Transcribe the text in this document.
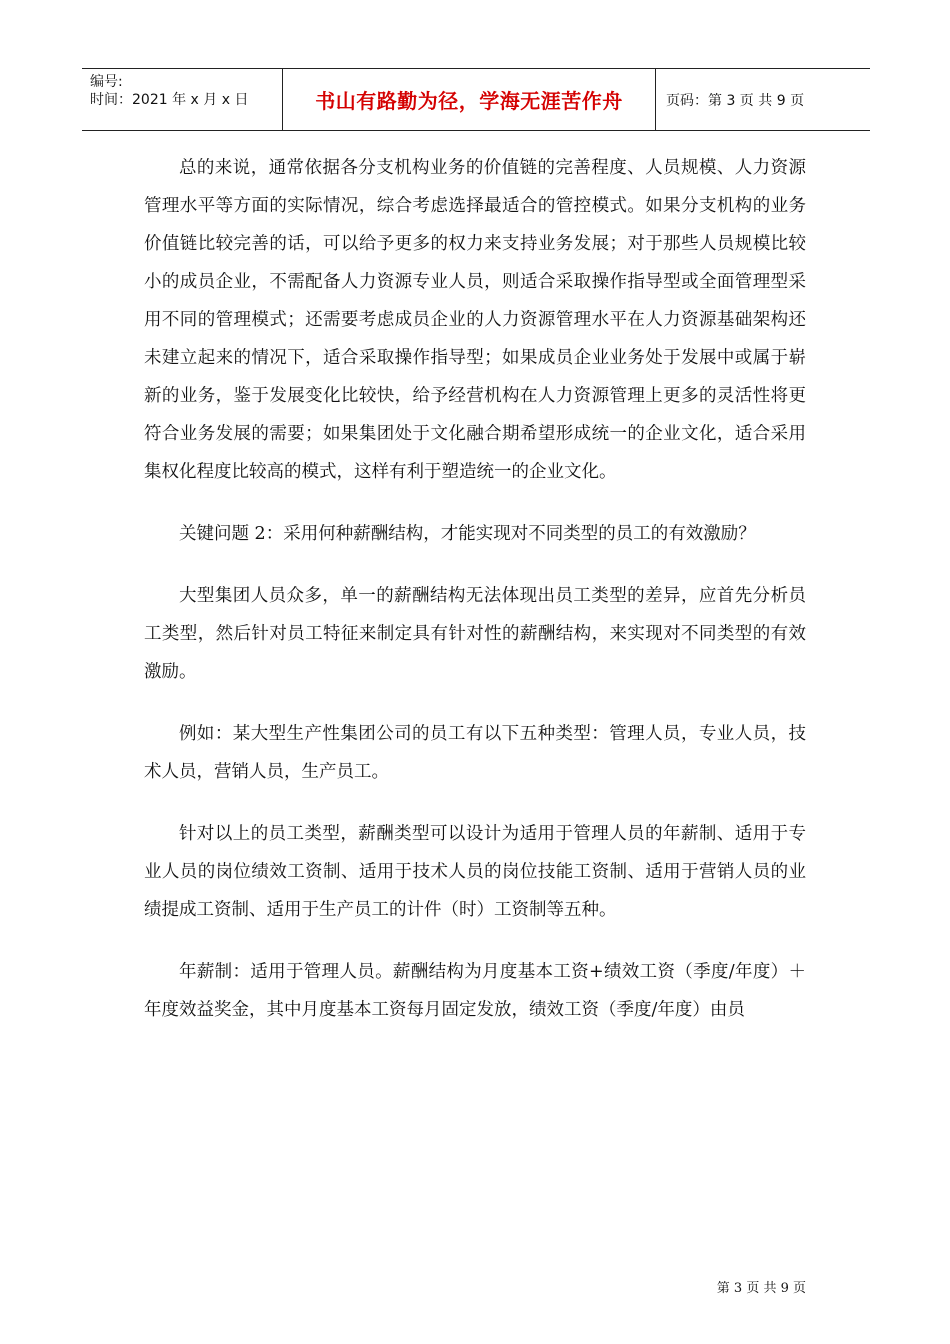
编号:
时间：2021 年 x 月 x 日	书山有路勤为径，学海无涯苦作舟	页码：第 3 页 共 9 页

总的来说，通常依据各分支机构业务的价值链的完善程度、人员规模、人力资源管理水平等方面的实际情况，综合考虑选择最适合的管控模式。如果分支机构的业务价值链比较完善的话，可以给予更多的权力来支持业务发展；对于那些人员规模比较小的成员企业，不需配备人力资源专业人员，则适合采取操作指导型或全面管理型采用不同的管理模式；还需要考虑成员企业的人力资源管理水平在人力资源基础架构还未建立起来的情况下，适合采取操作指导型；如果成员企业业务处于发展中或属于崭新的业务，鉴于发展变化比较快，给予经营机构在人力资源管理上更多的灵活性将更符合业务发展的需要；如果集团处于文化融合期希望形成统一的企业文化，适合采用集权化程度比较高的模式，这样有利于塑造统一的企业文化。

关键问题 2：采用何种薪酬结构，才能实现对不同类型的员工的有效激励？

大型集团人员众多，单一的薪酬结构无法体现出员工类型的差异，应首先分析员工类型，然后针对员工特征来制定具有针对性的薪酬结构，来实现对不同类型的有效激励。

例如：某大型生产性集团公司的员工有以下五种类型：管理人员，专业人员，技术人员，营销人员，生产员工。

针对以上的员工类型，薪酬类型可以设计为适用于管理人员的年薪制、适用于专业人员的岗位绩效工资制、适用于技术人员的岗位技能工资制、适用于营销人员的业绩提成工资制、适用于生产员工的计件（时）工资制等五种。

年薪制：适用于管理人员。薪酬结构为月度基本工资+绩效工资（季度/年度）＋年度效益奖金，其中月度基本工资每月固定发放，绩效工资（季度/年度）由员

第 3 页 共 9 页
